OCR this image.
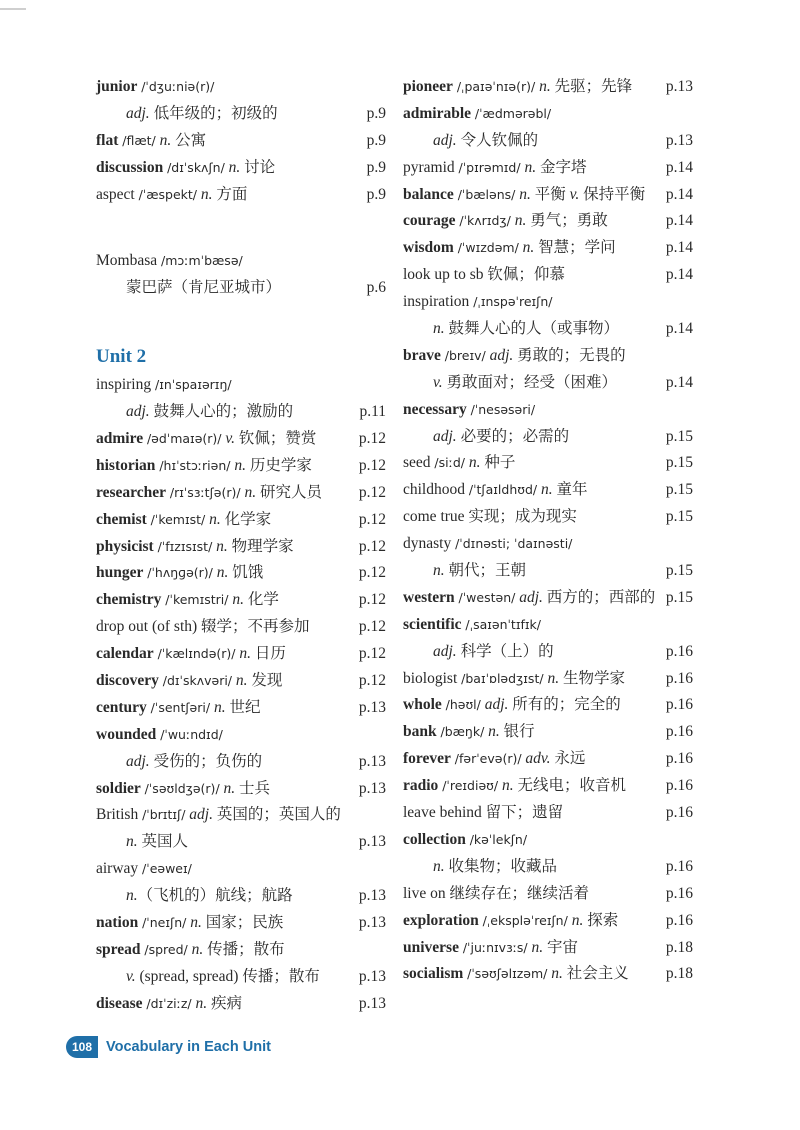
junior /ˈdʒuːniə(r)/
adj. 低年级的；初级的	p.9
flat /flæt/ n. 公寓	p.9
discussion /dɪˈskʌʃn/ n. 讨论	p.9
aspect /ˈæspekt/ n. 方面	p.9
Mombasa /mɔːmˈbæsə/
蒙巴萨（肯尼亚城市）	p.6
Unit 2
inspiring /ɪnˈspaɪərɪŋ/
adj. 鼓舞人心的；激励的	p.11
admire /ədˈmaɪə(r)/ v. 钦佩；赞赏	p.12
historian /hɪˈstɔːriən/ n. 历史学家	p.12
researcher /rɪˈsɜːtʃə(r)/ n. 研究人员 p.12
chemist /ˈkemɪst/ n. 化学家	p.12
physicist /ˈfɪzɪsɪst/ n. 物理学家	p.12
hunger /ˈhʌŋɡə(r)/ n. 饥饿	p.12
chemistry /ˈkemɪstri/ n. 化学	p.12
drop out (of sth) 辍学；不再参加	p.12
calendar /ˈkælɪndə(r)/ n. 日历	p.12
discovery /dɪˈskʌvəri/ n. 发现	p.12
century /ˈsentʃəri/ n. 世纪	p.13
wounded /ˈwuːndɪd/
adj. 受伤的；负伤的	p.13
soldier /ˈsəʊldʒə(r)/ n. 士兵	p.13
British /ˈbrɪtɪʃ/ adj. 英国的；英国人的
n. 英国人	p.13
airway /ˈeəweɪ/
n.（飞机的）航线；航路	p.13
nation /ˈneɪʃn/ n. 国家；民族	p.13
spread /spred/ n. 传播；散布
v. (spread, spread) 传播；散布	p.13
disease /dɪˈziːz/ n. 疾病	p.13
pioneer /ˌpaɪəˈnɪə(r)/ n. 先驱；先锋 p.13
admirable /ˈædmərəbl/
adj. 令人钦佩的	p.13
pyramid /ˈpɪrəmɪd/ n. 金字塔	p.14
balance /ˈbæləns/ n. 平衡 v. 保持平衡 p.14
courage /ˈkʌrɪdʒ/ n. 勇气；勇敢	p.14
wisdom /ˈwɪzdəm/ n. 智慧；学问	p.14
look up to sb 钦佩；仰慕	p.14
inspiration /ˌɪnspəˈreɪʃn/
n. 鼓舞人心的人（或事物）	p.14
brave /breɪv/ adj. 勇敢的；无畏的
v. 勇敢面对；经受（困难）	p.14
necessary /ˈnesəsəri/
adj. 必要的；必需的	p.15
seed /siːd/ n. 种子	p.15
childhood /ˈtʃaɪldhʊd/ n. 童年	p.15
come true 实现；成为现实	p.15
dynasty /ˈdɪnəsti; ˈdaɪnəsti/
n. 朝代；王朝	p.15
western /ˈwestən/ adj. 西方的；西部的 p.15
scientific /ˌsaɪənˈtɪfɪk/
adj. 科学（上）的	p.16
biologist /baɪˈɒlədʒɪst/ n. 生物学家	p.16
whole /həʊl/ adj. 所有的；完全的	p.16
bank /bæŋk/ n. 银行	p.16
forever /fərˈevə(r)/ adv. 永远	p.16
radio /ˈreɪdiəʊ/ n. 无线电；收音机	p.16
leave behind 留下；遗留	p.16
collection /kəˈlekʃn/
n. 收集物；收藏品	p.16
live on 继续存在；继续活着	p.16
exploration /ˌekspləˈreɪʃn/ n. 探索	p.16
universe /ˈjuːnɪvɜːs/ n. 宇宙	p.18
socialism /ˈsəʊʃəlɪzəm/ n. 社会主义 p.18
108 Vocabulary in Each Unit
